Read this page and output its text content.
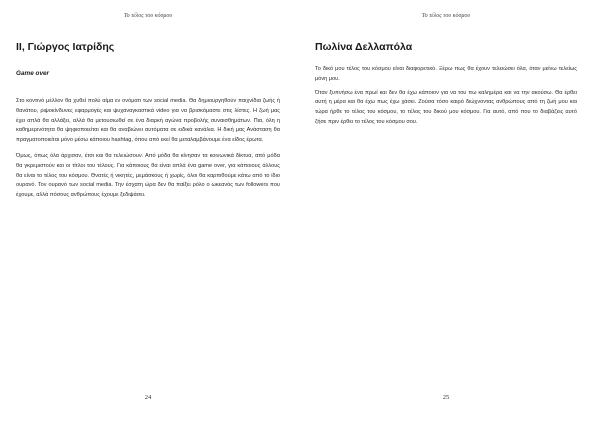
Το τέλος του κόσμου
ΙΙ, Γιώργος Ιατρίδης
Game over

Στο κοντινό μέλλον θα χυθεί πολύ αίμα εν ονόματι των social media. Θα δημιουργηθούν παιχνίδια ζωής ή θανάτου, ριψοκίνδυνες εφαρμογές και ψυχαναγκαστικά video για να βρισκόμαστε στις λίστες. Η ζωή μας έχει απλά θα αλλάξει, αλλά θα μετουσιωθεί σε ένα διαρκή αγώνα προβολής συναισθημάτων. Πια, όλη η καθημερινότητα θα ψηφιοποιείται και θα αναβιώνει αυτόματα σε ειδικά κανάλια. Η δική μας Ανάσταση θα πραγματοποιείται μόνο μέσω κάποιου hashtag, όπου από εκεί θα μεταλαμβάνουμε ένα είδος έρωτα.

Όμως, όπως όλα άρχισαν, έτσι και θα τελειώσουν. Από μόδα θα κίνησαν τα κοινωνικά δίκτυα, από μόδα θα γκρεμιστούν και οι τίτλοι του τέλους. Για κάποιους θα είναι απλά ένα game over, για κάποιους άλλους θα είναι το τέλος του κόσμου. Θνατές ή νικητές, μεμάσκους ή χωρίς, όλοι θα καρπιθούμε κάτω από το ίδιο ουρανό. Τον ουρανό των social media. Την έσχατη ώρα δεν θα παίξει ρόλο ο ωκεανός των followers που έχουμε, αλλά πόσους ανθρώπους έχουμε ξεδιψάσει.

24
Το τέλος του κόσμου
Πωλίνα Δελλαπόλα

Το δικό μου τέλος του κόσμου είναι διαφορετικό. Ξέρω πως θα έχουν τελειώσει όλα, όταν μείνω τελείως μόνη μου.

Όταν ξυπνήσω ένα πρωί και δεν θα έχω κάποιον για να του πω καλημέρα και να την ακούσω. Θα έρθει αυτή η μέρα και θα έχω πως έχω χάσει. Ζούσα τόσο καιρό διώχνοντας ανθρώπους από τη ζωή μου και τώρα ήρθε το τέλος του κόσμου, το τέλος του δικού μου κόσμου. Για αυτό, από που το διαβάζεις αυτό ζήσε πριν έρθει το τέλος του κόσμου σου.

25
